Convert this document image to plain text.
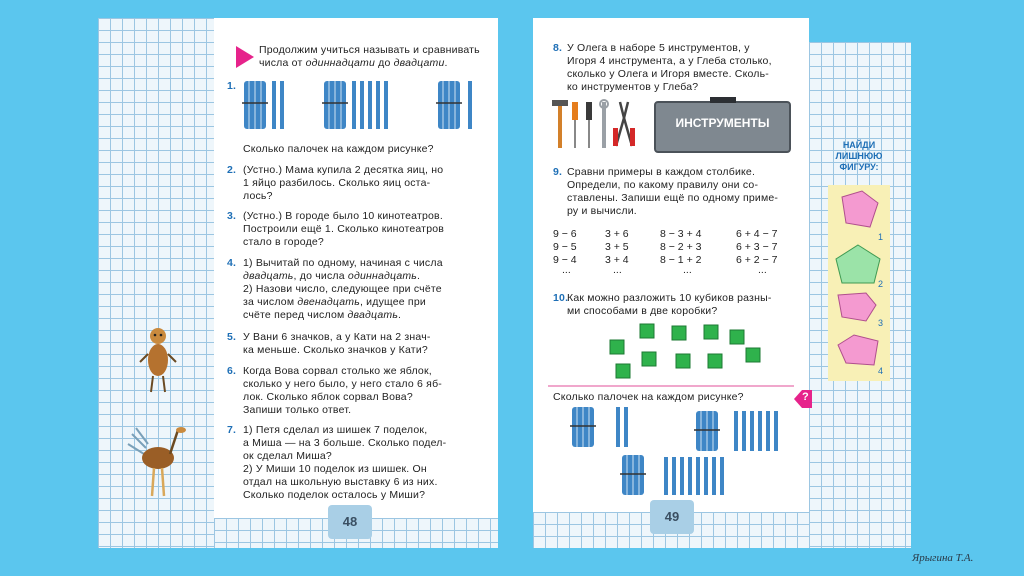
48
Продолжим учиться называть и сравнивать
числа от одиннадцати до двадцати.
1.
Сколько палочек на каждом рисунке?
2. (Устно.) Мама купила 2 десятка яиц, но
1 яйцо разбилось. Сколько яиц оста-
лось?
3. (Устно.) В городе было 10 кинотеатров.
Построили ещё 1. Сколько кинотеатров
стало в городе?
4. 1) Вычитай по одному, начиная с числа
двадцать, до числа одиннадцать.
2) Назови число, следующее при счёте
за числом двенадцать, идущее при
счёте перед числом двадцать.
5. У Вани 6 значков, а у Кати на 2 знач-
ка меньше. Сколько значков у Кати?
6. Когда Вова сорвал столько же яблок,
сколько у него было, у него стало 6 яб-
лок. Сколько яблок сорвал Вова?
Запиши только ответ.
7. 1) Петя сделал из шишек 7 поделок,
а Миша — на 3 больше. Сколько подел-
ок сделал Миша?
2) У Миши 10 поделок из шишек. Он
отдал на школьную выставку 6 из них.
Сколько поделок осталось у Миши?
49
8. У Олега в наборе 5 инструментов, у
Игоря 4 инструмента, а у Глеба столько,
сколько у Олега и Игоря вместе. Сколь-
ко инструментов у Глеба?
ИНСТРУМЕНТЫ
9. Сравни примеры в каждом столбике.
Определи, по какому правилу они со-
ставлены. Запиши ещё по одному приме-
ру и вычисли.
9 − 6
9 − 5
9 − 4
...
3 + 6
3 + 5
3 + 4
...
8 − 3 + 4
8 − 2 + 3
8 − 1 + 2
...
6 + 4 − 7
6 + 3 − 7
6 + 2 − 7
...
10.
Как можно разложить 10 кубиков разны-
ми способами в две коробки?
?
Сколько палочек на каждом рисунке?
НАЙДИ
ЛИШНЮЮ
ФИГУРУ:
1
2
3
4
Ярыгина Т.А.
